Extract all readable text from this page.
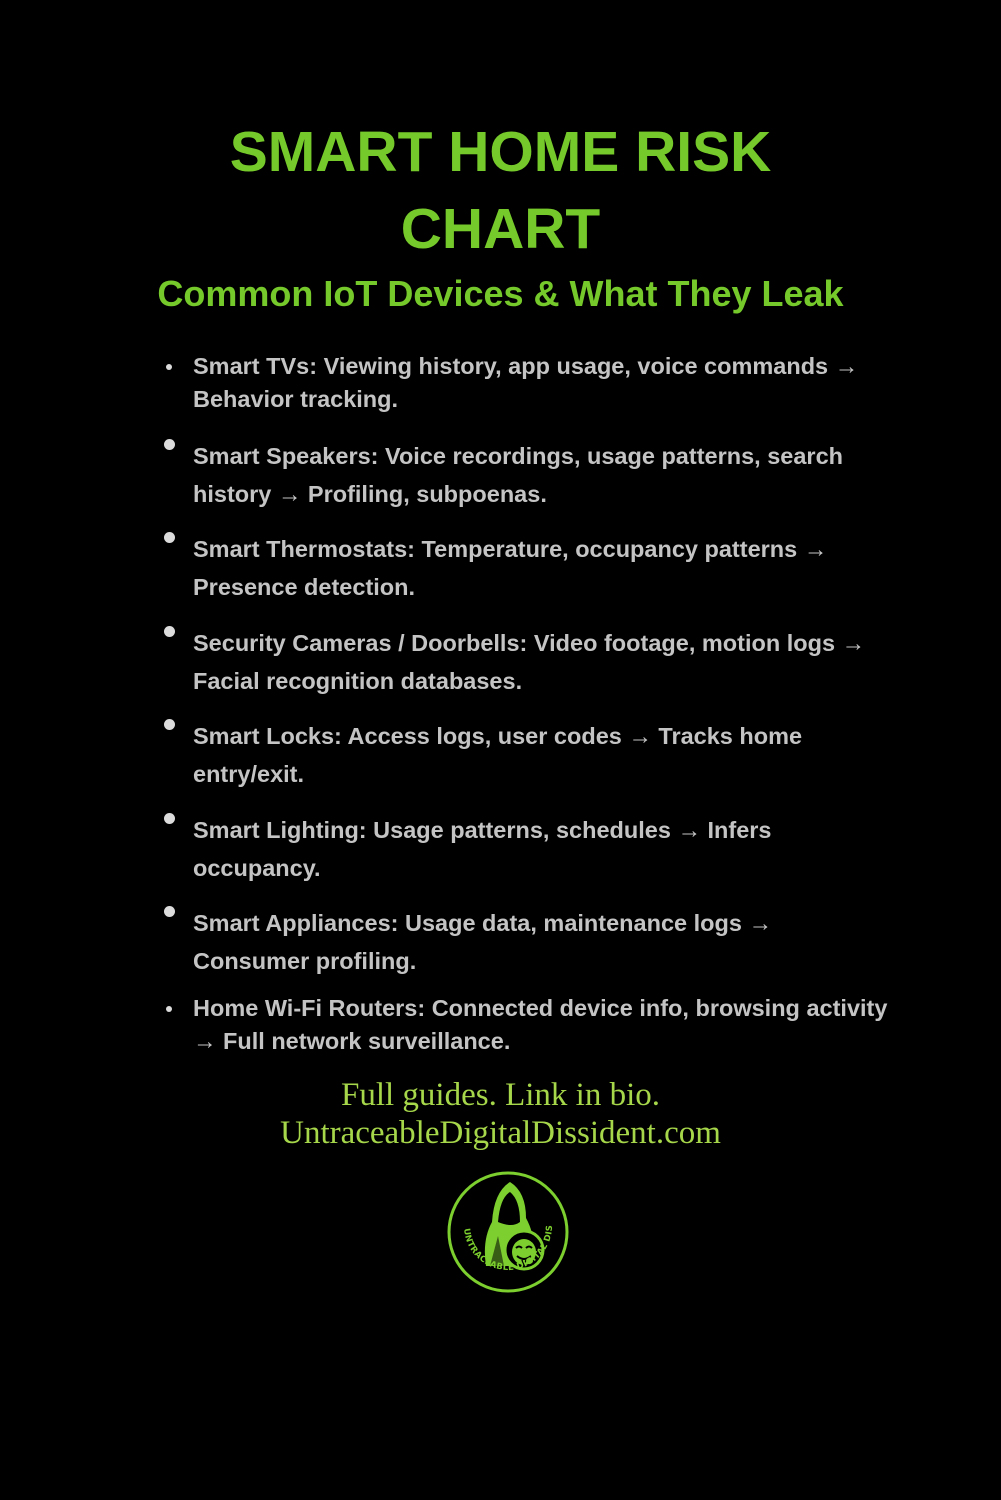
SMART HOME RISK CHART
Common IoT Devices & What They Leak
Smart TVs: Viewing history, app usage, voice commands → Behavior tracking.
Smart Speakers: Voice recordings, usage patterns, search history → Profiling, subpoenas.
Smart Thermostats: Temperature, occupancy patterns → Presence detection.
Security Cameras / Doorbells: Video footage, motion logs → Facial recognition databases.
Smart Locks: Access logs, user codes → Tracks home entry/exit.
Smart Lighting: Usage patterns, schedules → Infers occupancy.
Smart Appliances: Usage data, maintenance logs → Consumer profiling.
Home Wi-Fi Routers: Connected device info, browsing activity → Full network surveillance.
Full guides. Link in bio.
UntraceableDigitalDissident.com
UNTRACEABLE DIGITAL DIS
